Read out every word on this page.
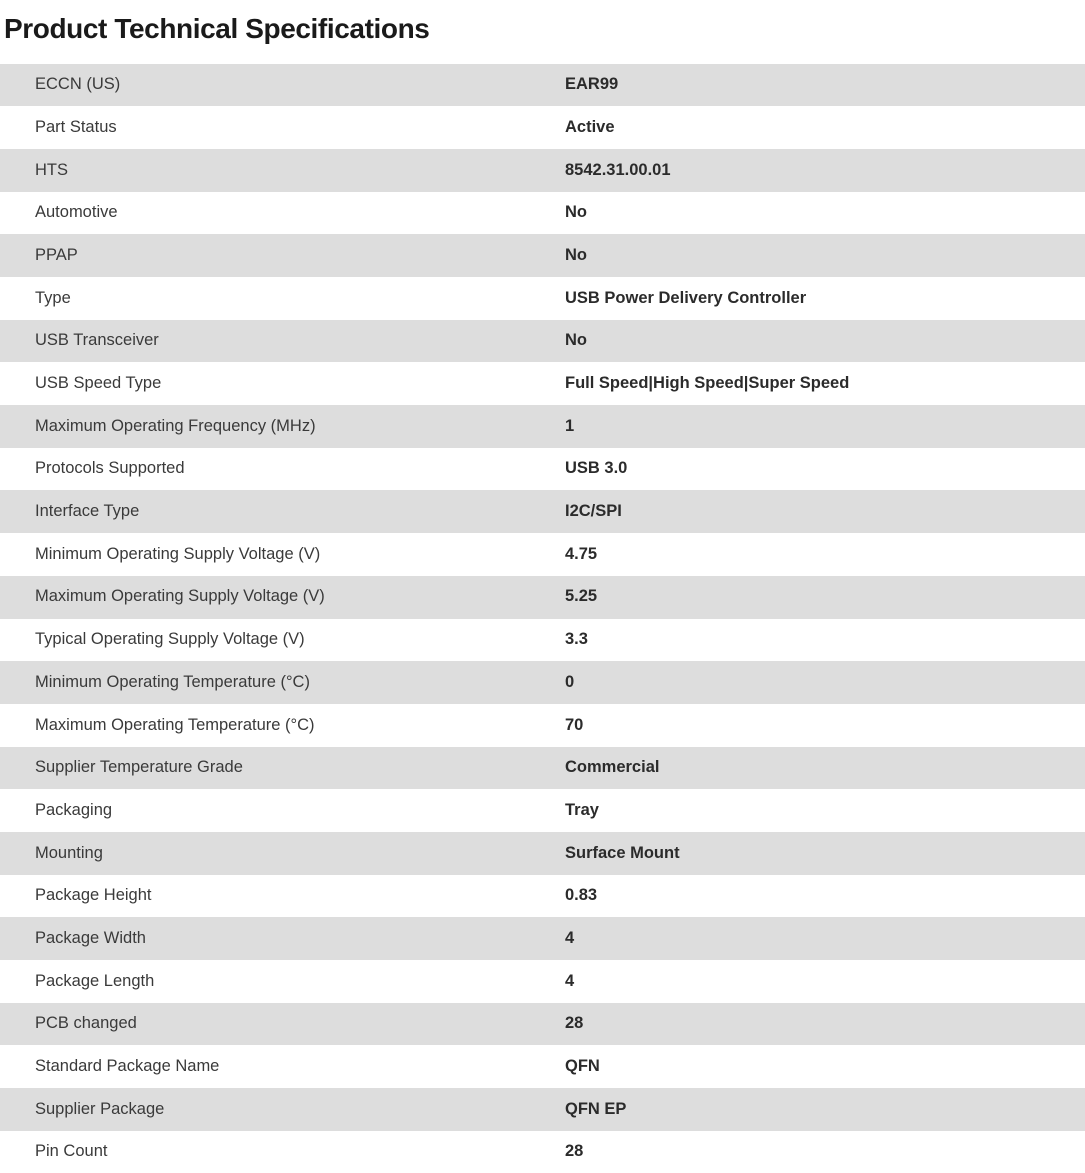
Product Technical Specifications
ECCN (US)	EAR99
Part Status	Active
HTS	8542.31.00.01
Automotive	No
PPAP	No
Type	USB Power Delivery Controller
USB Transceiver	No
USB Speed Type	Full Speed|High Speed|Super Speed
Maximum Operating Frequency (MHz)	1
Protocols Supported	USB 3.0
Interface Type	I2C/SPI
Minimum Operating Supply Voltage (V)	4.75
Maximum Operating Supply Voltage (V)	5.25
Typical Operating Supply Voltage (V)	3.3
Minimum Operating Temperature (°C)	0
Maximum Operating Temperature (°C)	70
Supplier Temperature Grade	Commercial
Packaging	Tray
Mounting	Surface Mount
Package Height	0.83
Package Width	4
Package Length	4
PCB changed	28
Standard Package Name	QFN
Supplier Package	QFN EP
Pin Count	28
